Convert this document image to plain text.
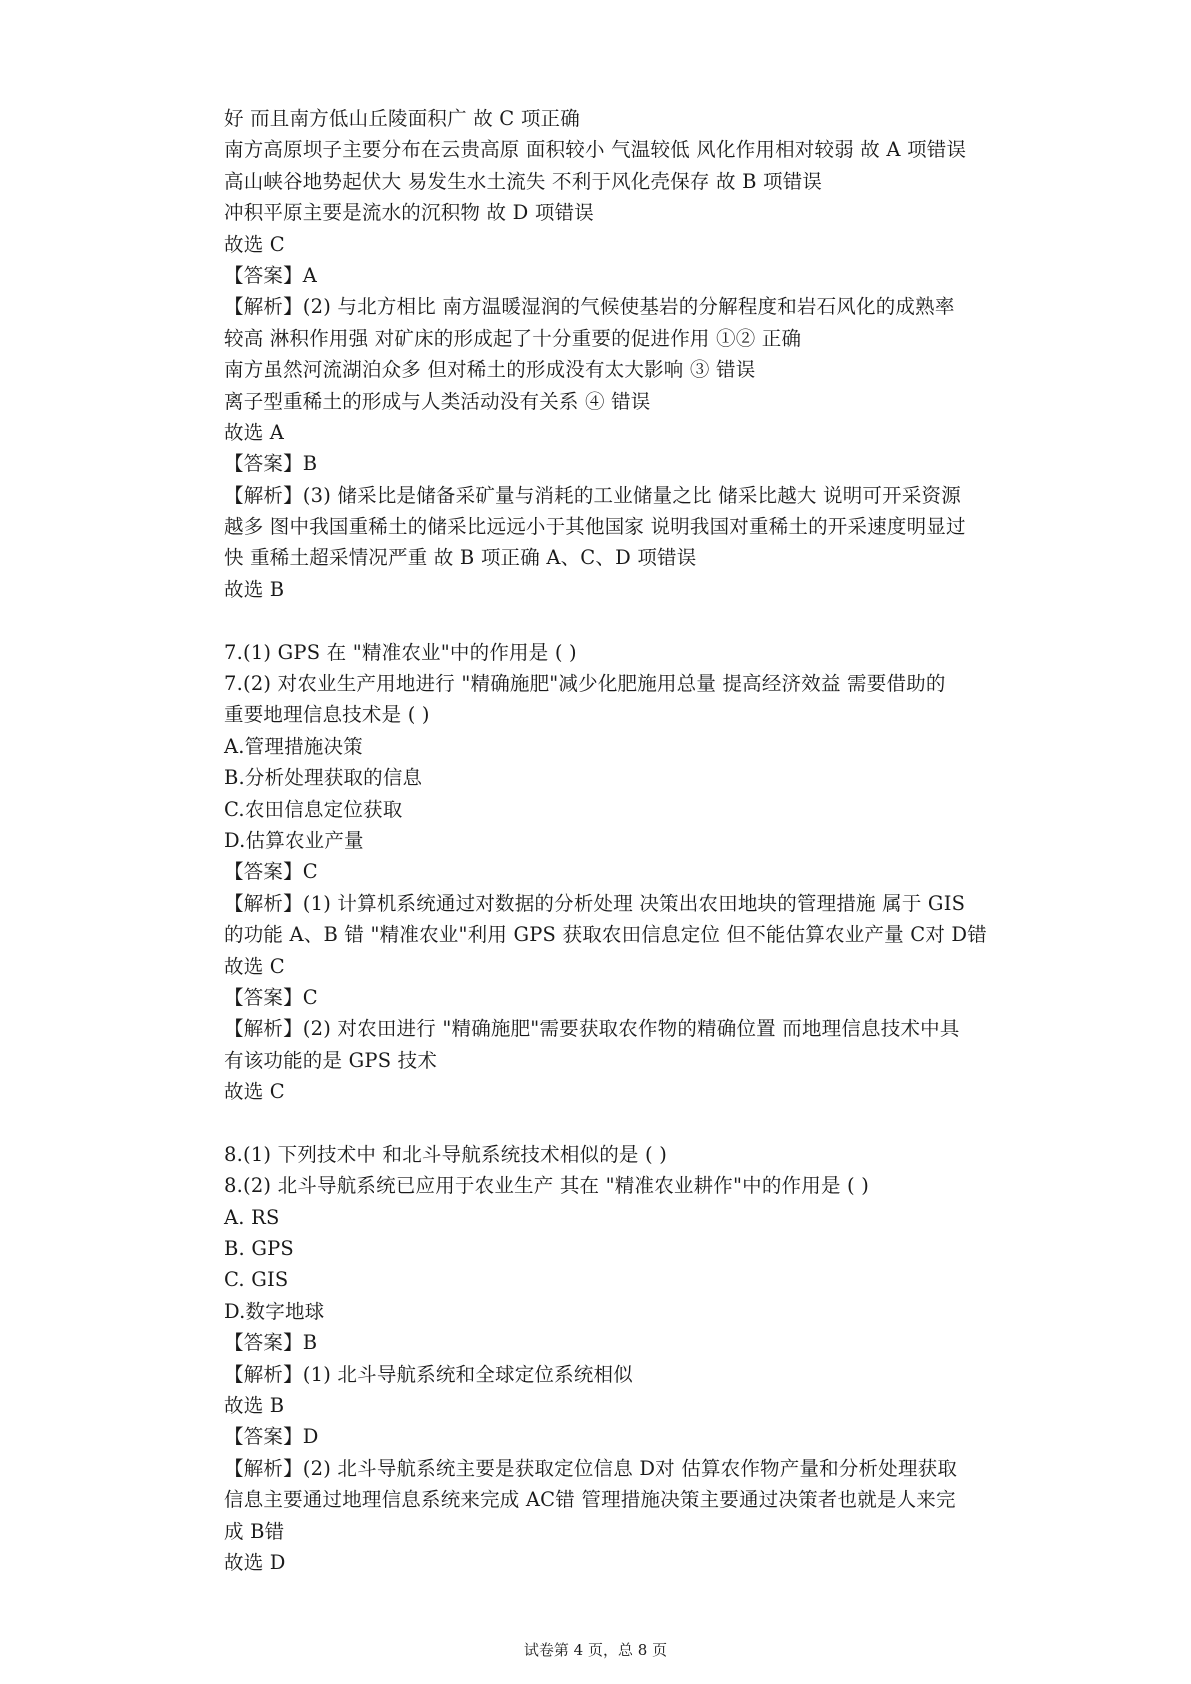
好 而且南方低山丘陵面积广 故 C 项正确
南方高原坝子主要分布在云贵高原 面积较小 气温较低 风化作用相对较弱 故 A 项错误
高山峡谷地势起伏大 易发生水土流失 不利于风化壳保存 故 B 项错误
冲积平原主要是流水的沉积物 故 D 项错误
故选 C
【答案】A
【解析】(2) 与北方相比 南方温暖湿润的气候使基岩的分解程度和岩石风化的成熟率
较高 淋积作用强 对矿床的形成起了十分重要的促进作用 ①② 正确
南方虽然河流湖泊众多 但对稀土的形成没有太大影响 ③ 错误
离子型重稀土的形成与人类活动没有关系 ④ 错误
故选 A
【答案】B
【解析】(3) 储采比是储备采矿量与消耗的工业储量之比 储采比越大 说明可开采资源
越多 图中我国重稀土的储采比远远小于其他国家 说明我国对重稀土的开采速度明显过
快 重稀土超采情况严重 故 B 项正确 A、C、D 项错误
故选 B
7.(1) GPS 在 "精准农业"中的作用是 ( )
7.(2) 对农业生产用地进行 "精确施肥"减少化肥施用总量 提高经济效益 需要借助的
重要地理信息技术是 ( )
A.管理措施决策
B.分析处理获取的信息
C.农田信息定位获取
D.估算农业产量
【答案】C
【解析】(1) 计算机系统通过对数据的分析处理 决策出农田地块的管理措施 属于 GIS
的功能 A、B 错 "精准农业"利用 GPS 获取农田信息定位 但不能估算农业产量 C对 D错
故选 C
【答案】C
【解析】(2) 对农田进行 "精确施肥"需要获取农作物的精确位置 而地理信息技术中具
有该功能的是 GPS 技术
故选 C
8.(1) 下列技术中 和北斗导航系统技术相似的是 ( )
8.(2) 北斗导航系统已应用于农业生产 其在 "精准农业耕作"中的作用是 ( )
A. RS
B. GPS
C. GIS
D.数字地球
【答案】B
【解析】(1) 北斗导航系统和全球定位系统相似
故选 B
【答案】D
【解析】(2) 北斗导航系统主要是获取定位信息 D对 估算农作物产量和分析处理获取
信息主要通过地理信息系统来完成 AC错 管理措施决策主要通过决策者也就是人来完
成 B错
故选 D
试卷第 4 页，总 8 页
